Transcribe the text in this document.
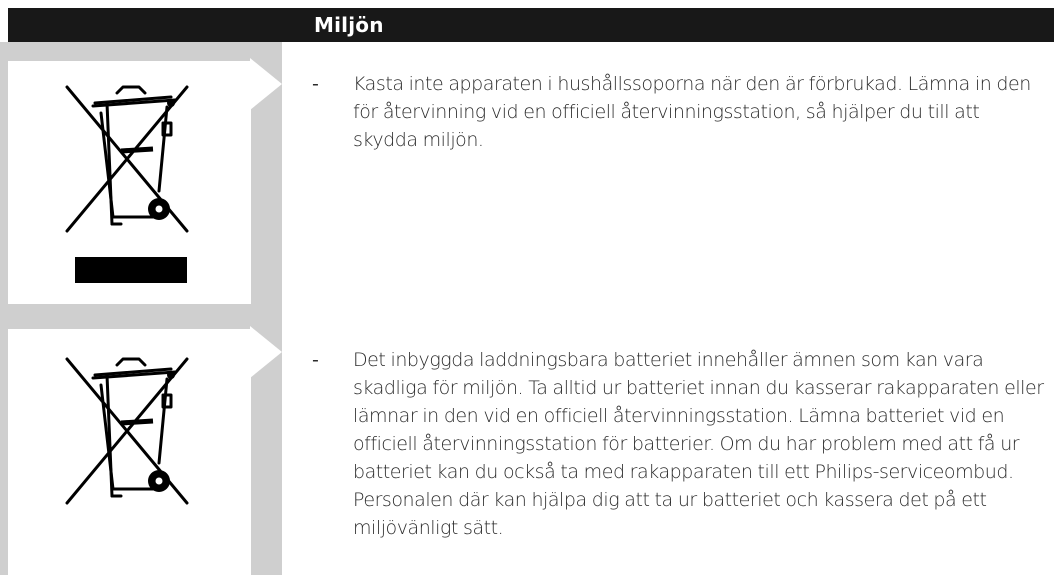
Miljön
- Kasta inte apparaten i hushållssoporna när den är förbrukad. Lämna in den för återvinning vid en officiell återvinningsstation, så hjälper du till att skydda miljön.

- Det inbyggda laddningsbara batteriet innehåller ämnen som kan vara skadliga för miljön. Ta alltid ur batteriet innan du kasserar rakapparaten eller lämnar in den vid en officiell återvinningsstation. Lämna batteriet vid en officiell återvinningsstation för batterier. Om du har problem med att få ur batteriet kan du också ta med rakapparaten till ett Philips-serviceombud. Personalen där kan hjälpa dig att ta ur batteriet och kassera det på ett miljövänligt sätt.
